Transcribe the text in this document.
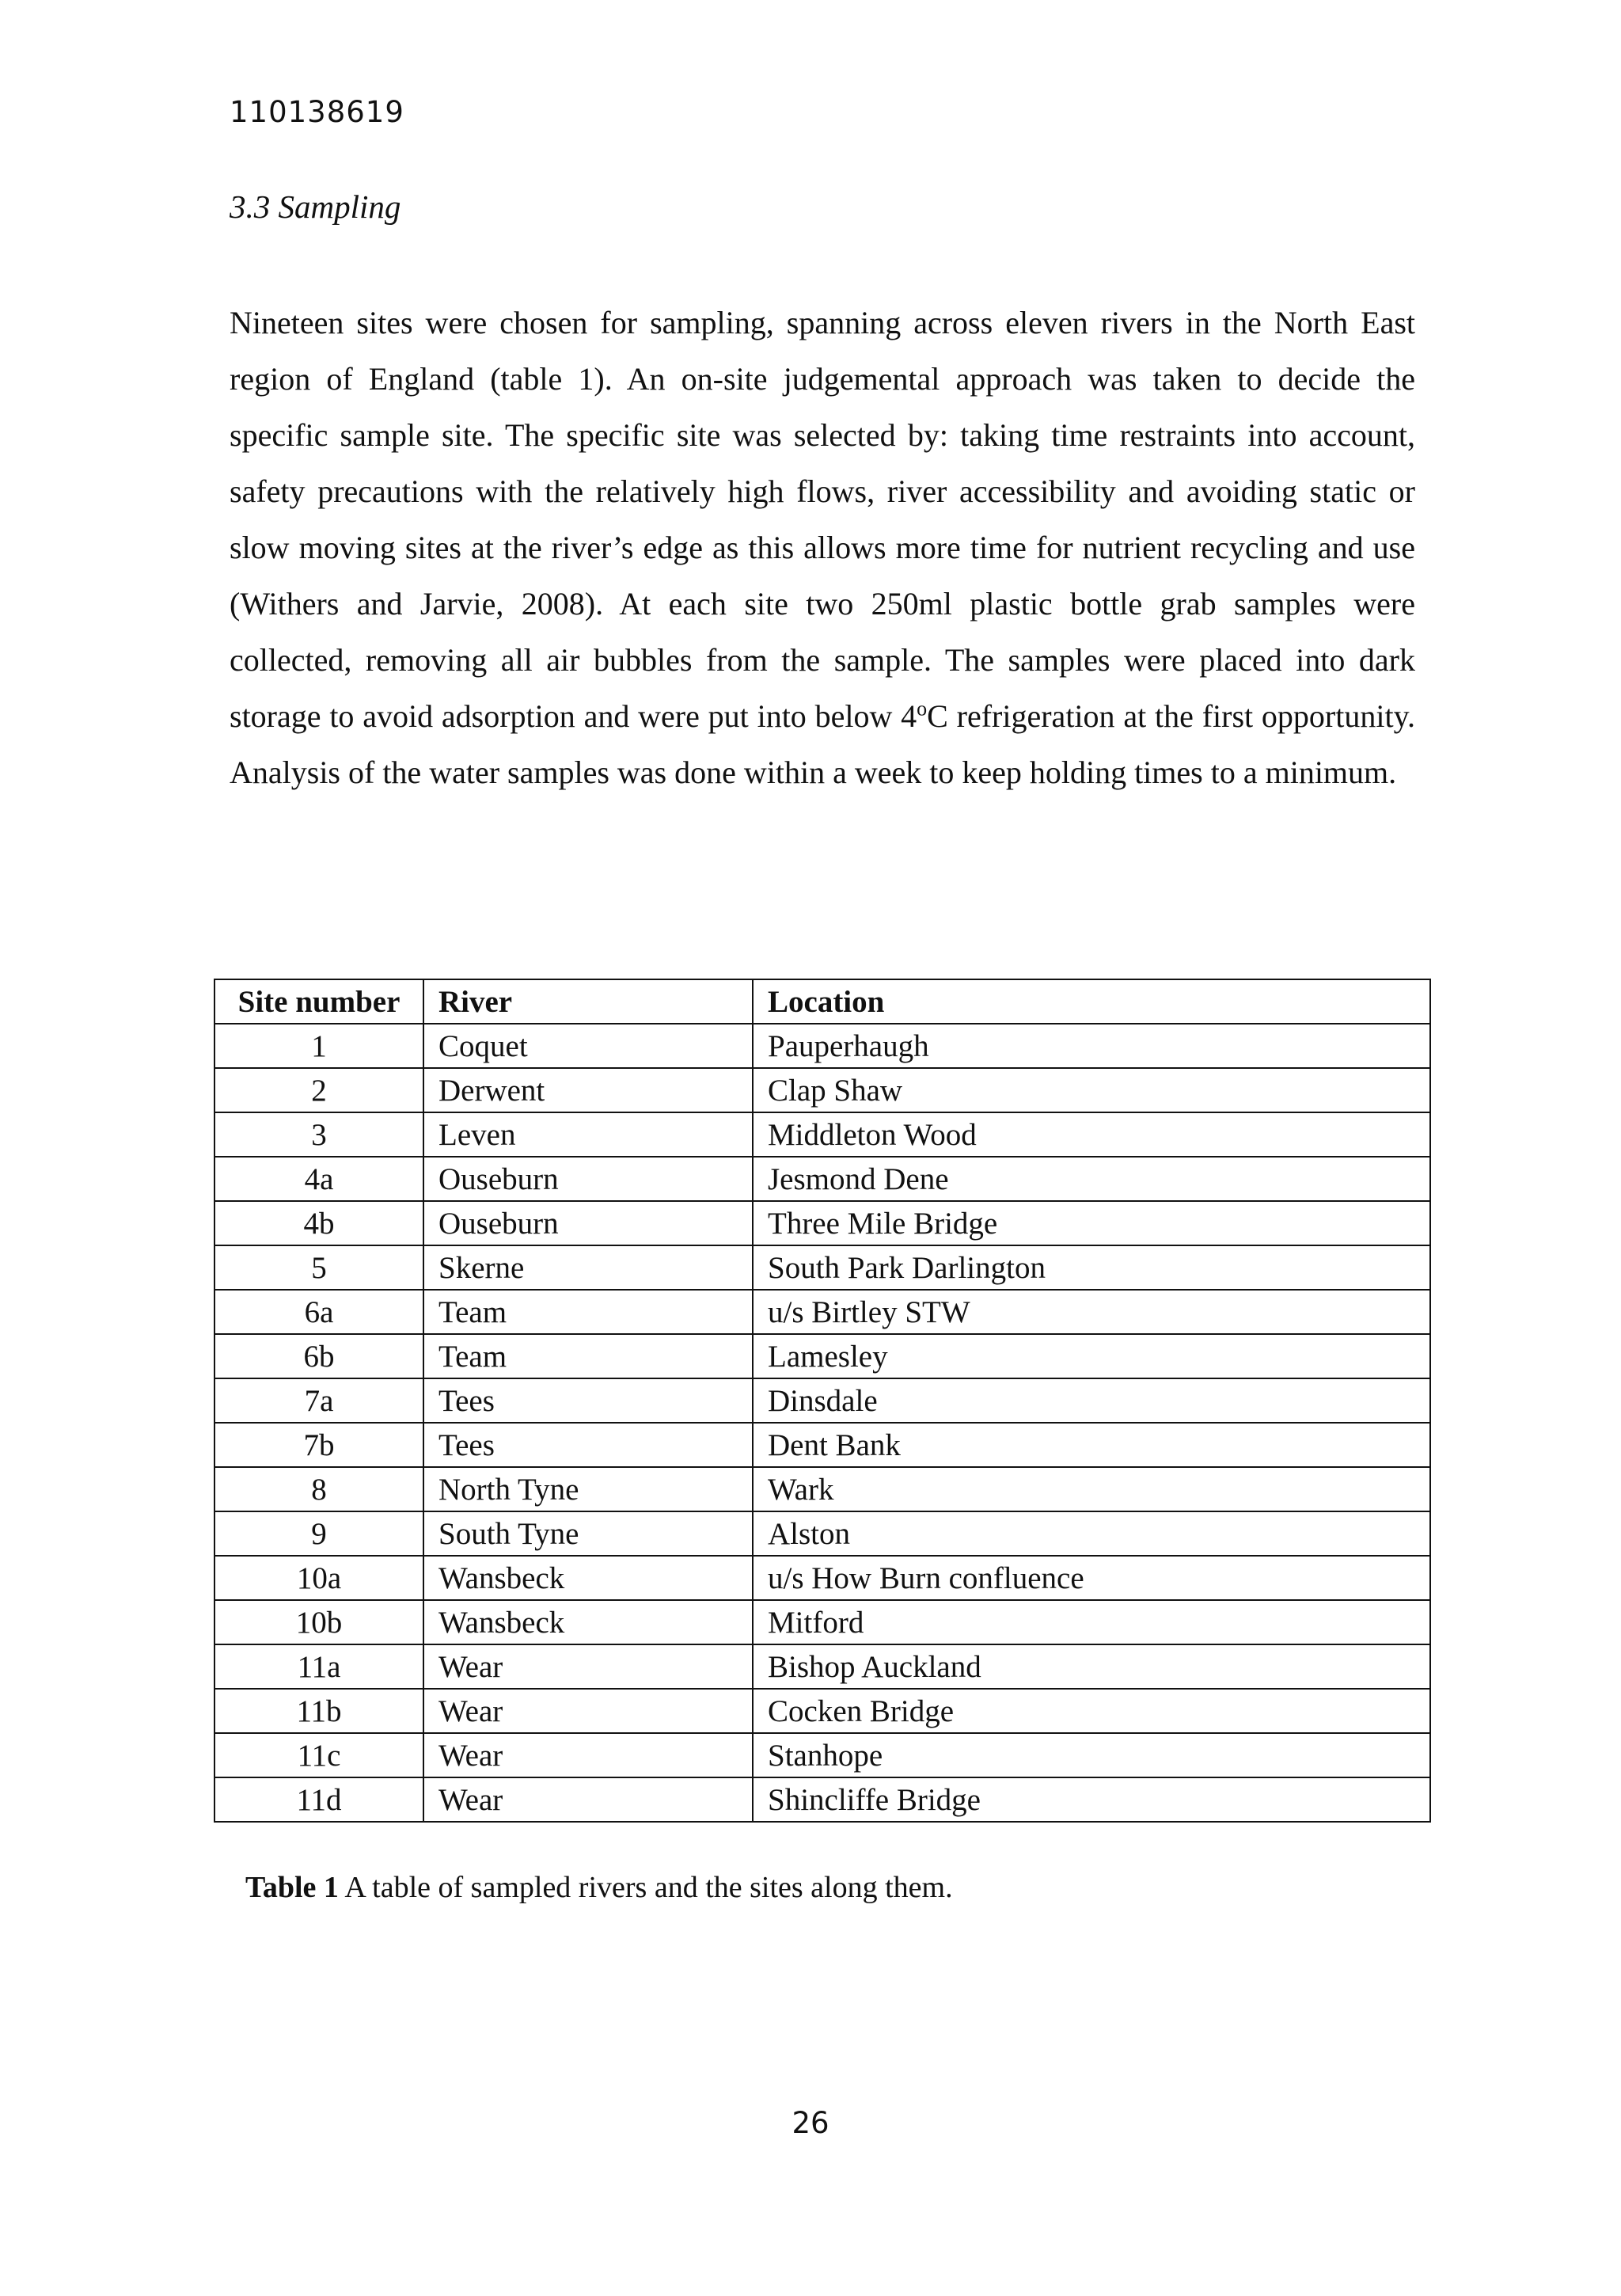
110138619
3.3 Sampling

Nineteen sites were chosen for sampling, spanning across eleven rivers in the North East region of England (table 1). An on-site judgemental approach was taken to decide the specific sample site. The specific site was selected by: taking time restraints into account, safety precautions with the relatively high flows, river accessibility and avoiding static or slow moving sites at the river’s edge as this allows more time for nutrient recycling and use (Withers and Jarvie, 2008). At each site two 250ml plastic bottle grab samples were collected, removing all air bubbles from the sample. The samples were placed into dark storage to avoid adsorption and were put into below 4$^o$C refrigeration at the first opportunity. Analysis of the water samples was done within a week to keep holding times to a minimum.

Site number	River	Location
1	Coquet	Pauperhaugh
2	Derwent	Clap Shaw
3	Leven	Middleton Wood
4a	Ouseburn	Jesmond Dene
4b	Ouseburn	Three Mile Bridge
5	Skerne	South Park Darlington
6a	Team	u/s Birtley STW
6b	Team	Lamesley
7a	Tees	Dinsdale
7b	Tees	Dent Bank
8	North Tyne	Wark
9	South Tyne	Alston
10a	Wansbeck	u/s How Burn confluence
10b	Wansbeck	Mitford
11a	Wear	Bishop Auckland
11b	Wear	Cocken Bridge
11c	Wear	Stanhope
11d	Wear	Shincliffe Bridge
Table 1 A table of sampled rivers and the sites along them.
26
